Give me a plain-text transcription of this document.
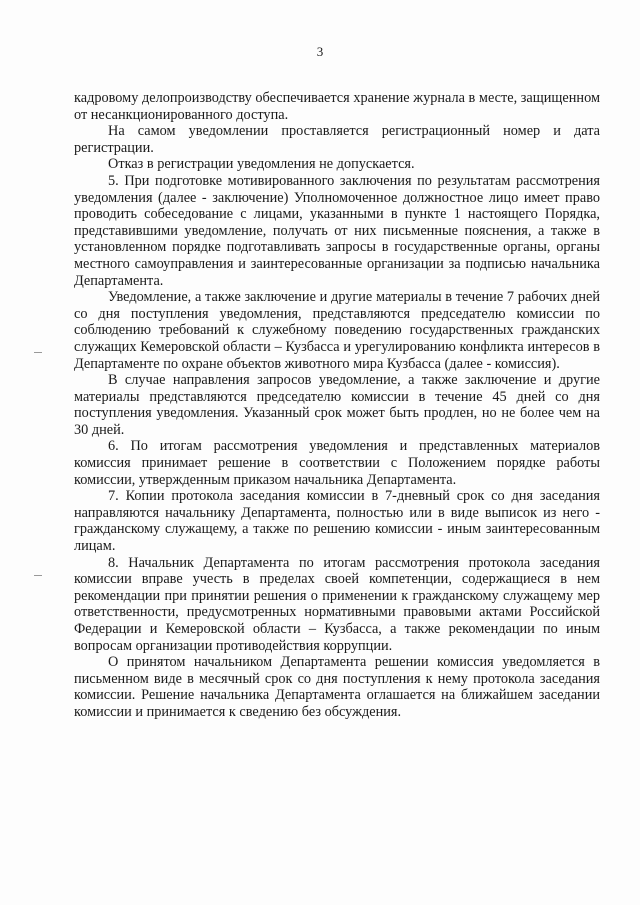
3

кадровому делопроизводству обеспечивается хранение журнала в месте, защищенном от несанкционированного доступа.

На самом уведомлении проставляется регистрационный номер и дата регистрации.

Отказ в регистрации уведомления не допускается.

5. При подготовке мотивированного заключения по результатам рассмотрения уведомления (далее - заключение) Уполномоченное должностное лицо имеет право проводить собеседование с лицами, указанными в пункте 1 настоящего Порядка, представившими уведомление, получать от них письменные пояснения, а также в установленном порядке подготавливать запросы в государственные органы, органы местного самоуправления и заинтересованные организации за подписью начальника Департамента.

Уведомление, а также заключение и другие материалы в течение 7 рабочих дней со дня поступления уведомления, представляются председателю комиссии по соблюдению требований к служебному поведению государственных гражданских служащих Кемеровской области – Кузбасса и урегулированию конфликта интересов в Департаменте по охране объектов животного мира Кузбасса (далее - комиссия).

В случае направления запросов уведомление, а также заключение и другие материалы представляются председателю комиссии в течение 45 дней со дня поступления уведомления. Указанный срок может быть продлен, но не более чем на 30 дней.

6. По итогам рассмотрения уведомления и представленных материалов комиссия принимает решение в соответствии с Положением порядке работы комиссии, утвержденным приказом начальника Департамента.

7. Копии протокола заседания комиссии в 7-дневный срок со дня заседания направляются начальнику Департамента, полностью или в виде выписок из него - гражданскому служащему, а также по решению комиссии - иным заинтересованным лицам.

8. Начальник Департамента по итогам рассмотрения протокола заседания комиссии вправе учесть в пределах своей компетенции, содержащиеся в нем рекомендации при принятии решения о применении к гражданскому служащему мер ответственности, предусмотренных нормативными правовыми актами Российской Федерации и Кемеровской области – Кузбасса, а также рекомендации по иным вопросам организации противодействия коррупции.

О принятом начальником Департамента решении комиссия уведомляется в письменном виде в месячный срок со дня поступления к нему протокола заседания комиссии. Решение начальника Департамента оглашается на ближайшем заседании комиссии и принимается к сведению без обсуждения.
